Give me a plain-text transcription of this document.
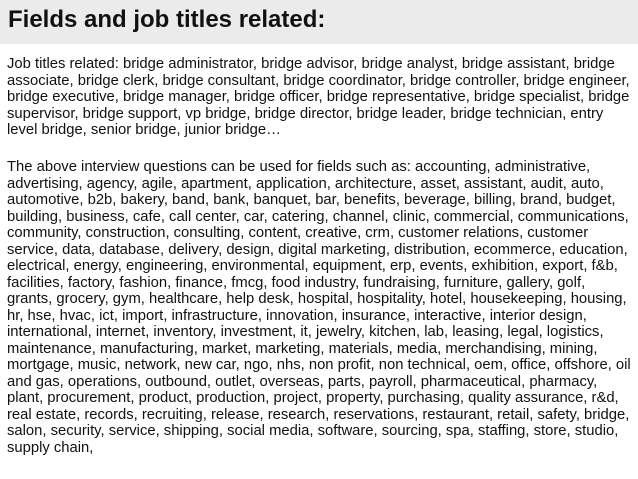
Fields and job titles related:

Job titles related: bridge administrator, bridge advisor, bridge analyst, bridge assistant, bridge associate, bridge clerk, bridge consultant, bridge coordinator, bridge controller, bridge engineer, bridge executive, bridge manager, bridge officer, bridge representative, bridge specialist, bridge supervisor, bridge support, vp bridge, bridge director, bridge leader, bridge technician, entry level bridge, senior bridge, junior bridge…

The above interview questions can be used for fields such as: accounting, administrative, advertising, agency, agile, apartment, application, architecture, asset, assistant, audit, auto, automotive, b2b, bakery, band, bank, banquet, bar, benefits, beverage, billing, brand, budget, building, business, cafe, call center, car, catering, channel, clinic, commercial, communications, community, construction, consulting, content, creative, crm, customer relations, customer service, data, database, delivery, design, digital marketing, distribution, ecommerce, education, electrical, energy, engineering, environmental, equipment, erp, events, exhibition, export, f&b, facilities, factory, fashion, finance, fmcg, food industry, fundraising, furniture, gallery, golf, grants, grocery, gym, healthcare, help desk, hospital, hospitality, hotel, housekeeping, housing, hr, hse, hvac, ict, import, infrastructure, innovation, insurance, interactive, interior design, international, internet, inventory, investment, it, jewelry, kitchen, lab, leasing, legal, logistics, maintenance, manufacturing, market, marketing, materials, media, merchandising, mining, mortgage, music, network, new car, ngo, nhs, non profit, non technical, oem, office, offshore, oil and gas, operations, outbound, outlet, overseas, parts, payroll, pharmaceutical, pharmacy, plant, procurement, product, production, project, property, purchasing, quality assurance, r&d, real estate, records, recruiting, release, research, reservations, restaurant, retail, safety, bridge, salon, security, service, shipping, social media, software, sourcing, spa, staffing, store, studio, supply chain,
